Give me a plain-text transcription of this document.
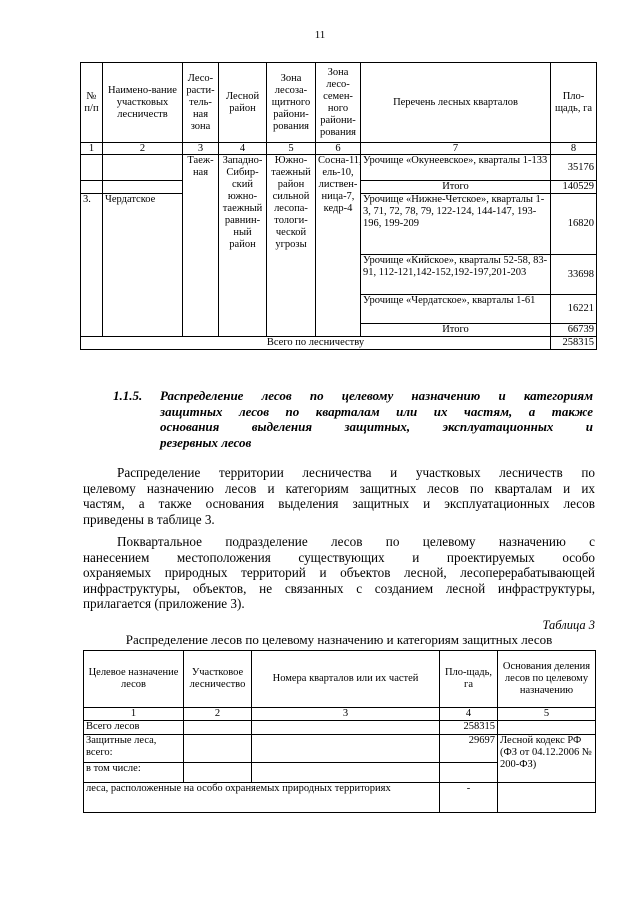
11
№ п/п	Наимено-вание участковых лесничеств	Лесо-расти-тель-ная зона	Лесной район	Зона лесоза-щитного райони-рования	Зона лесо-семен-ного райони-рования	Перечень лесных кварталов	Пло-щадь, га
1	2	3	4	5	6	7	8
		Таеж-ная	Западно-Сибир-ский южно-таежный равнин-ный район	Южно-таежный район сильной лесопа-тологи-ческой угрозы	Сосна-11, ель-10, листвен-ница-7, кедр-4	Урочище «Окунеевское», кварталы 1-133	35176
						Итого	140529
3.	Чердатское					Урочище «Нижне-Четское», кварталы 1-3, 71, 72, 78, 79, 122-124, 144-147, 193-196, 199-209	16820
						Урочище «Кийское», кварталы 52-58, 83-91, 112-121,142-152,192-197,201-203	33698
						Урочище «Чердатское», кварталы 1-61	16221
						Итого	66739
Всего по лесничеству							258315
1.1.5. Распределение лесов по целевому назначению и категориям
защитных лесов по кварталам или их частям, а также
основания выделения защитных, эксплуатационных и
резервных лесов
Распределение территории лесничества и участковых лесничеств по
целевому назначению лесов и категориям защитных лесов по кварталам и их
частям, а также основания выделения защитных и эксплуатационных лесов
приведены в таблице 3.
Поквартальное подразделение лесов по целевому назначению с
нанесением местоположения существующих и проектируемых особо
охраняемых природных территорий и объектов лесной, лесоперерабатывающей
инфраструктуры, объектов, не связанных с созданием лесной инфраструктуры,
прилагается (приложение 3).
Таблица 3
Распределение лесов по целевому назначению и категориям защитных лесов
Целевое назначение лесов	Участковое лесничество	Номера кварталов или их частей	Пло-щадь, га	Основания деления лесов по целевому назначению
1	2	3	4	5
Всего лесов			258315	
Защитные леса, всего:			29697	Лесной кодекс РФ (ФЗ от 04.12.2006 № 200-ФЗ)
в том числе:				
леса, расположенные на особо охраняемых природных территориях			-	
